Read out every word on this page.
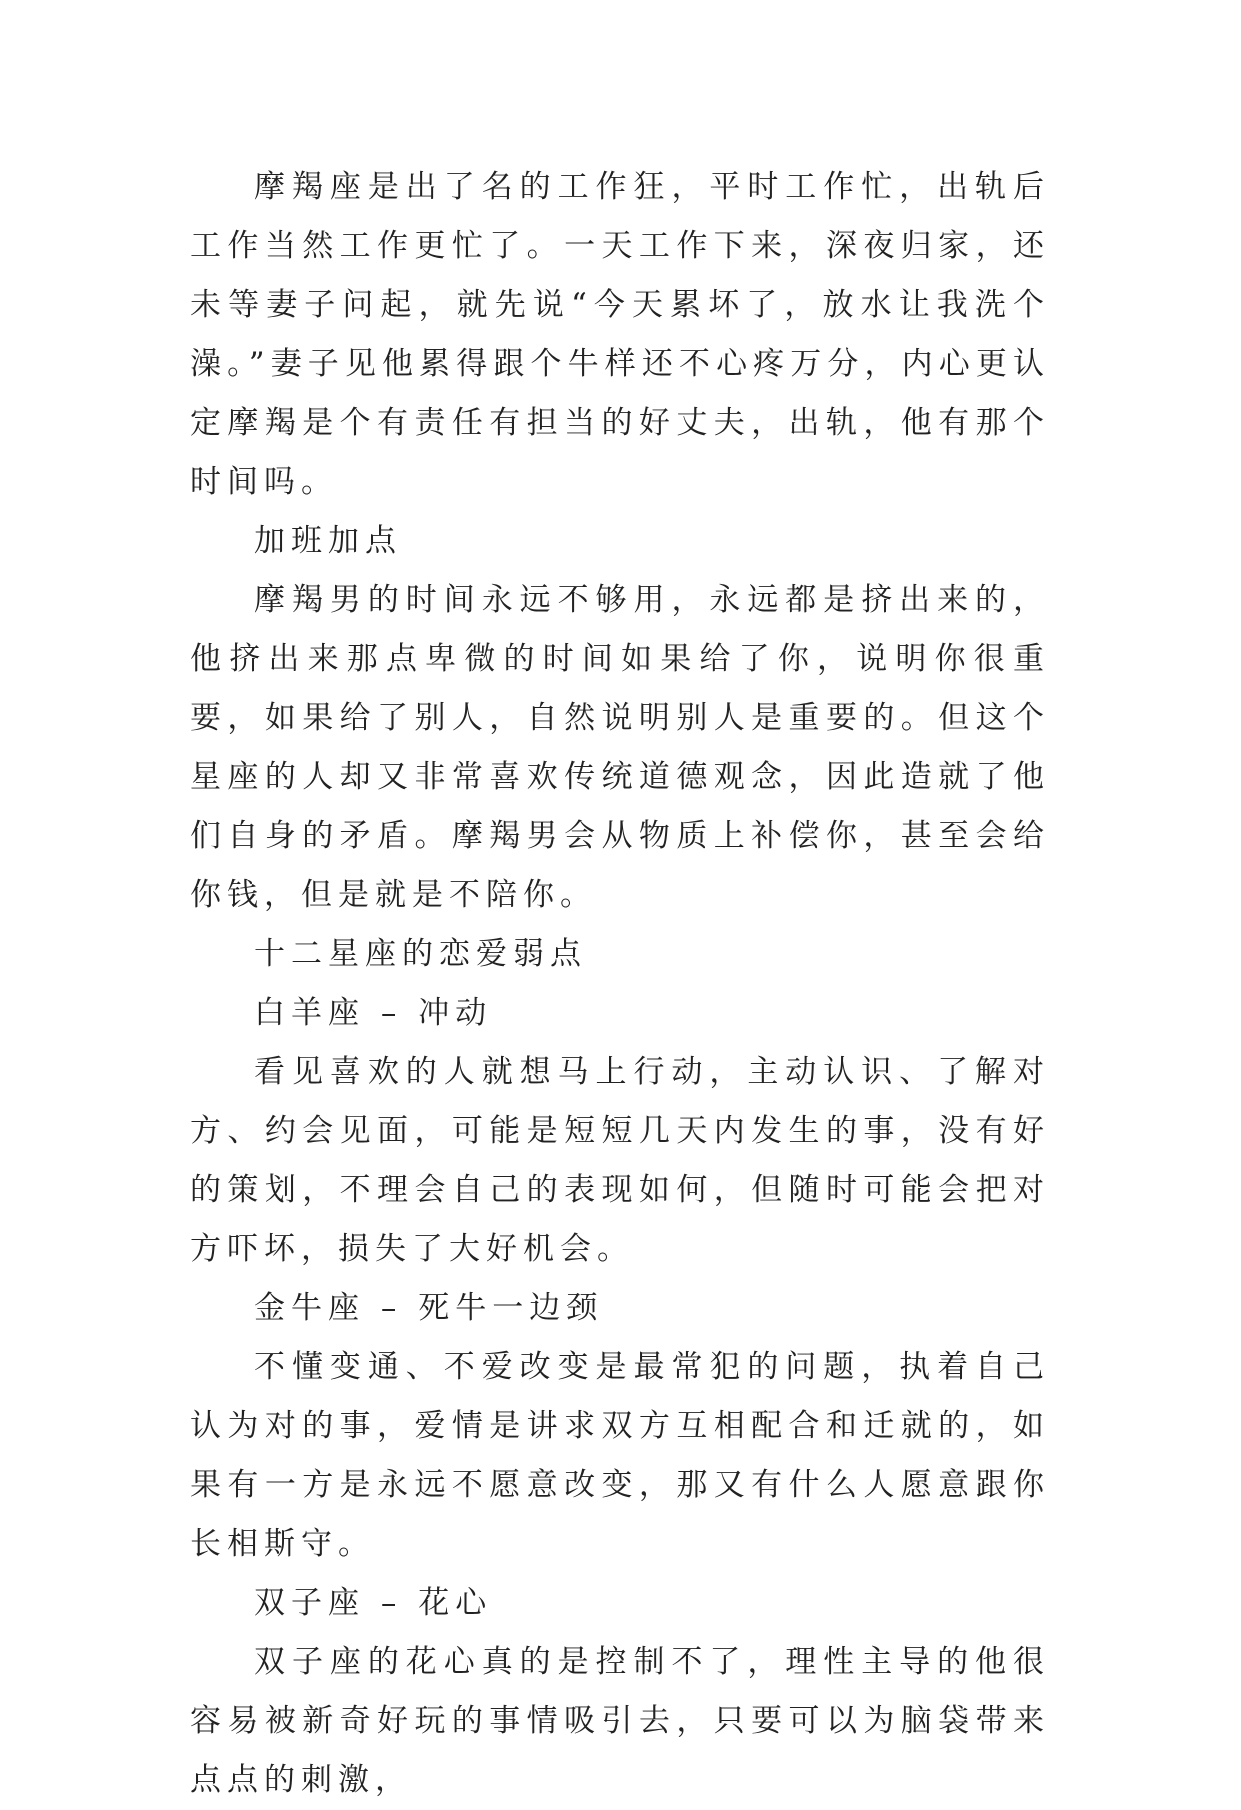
摩羯座是出了名的工作狂，平时工作忙，出轨后工作当然工作更忙了。一天工作下来，深夜归家，还未等妻子问起，就先说“今天累坏了，放水让我洗个澡。”妻子见他累得跟个牛样还不心疼万分，内心更认定摩羯是个有责任有担当的好丈夫，出轨，他有那个时间吗。

加班加点

摩羯男的时间永远不够用，永远都是挤出来的，他挤出来那点卑微的时间如果给了你，说明你很重要，如果给了别人，自然说明别人是重要的。但这个星座的人却又非常喜欢传统道德观念，因此造就了他们自身的矛盾。摩羯男会从物质上补偿你，甚至会给你钱，但是就是不陪你。

十二星座的恋爱弱点

白羊座 – 冲动

看见喜欢的人就想马上行动，主动认识、了解对方、约会见面，可能是短短几天内发生的事，没有好的策划，不理会自己的表现如何，但随时可能会把对方吓坏，损失了大好机会。

金牛座 – 死牛一边颈

不懂变通、不爱改变是最常犯的问题，执着自己认为对的事，爱情是讲求双方互相配合和迁就的，如果有一方是永远不愿意改变，那又有什么人愿意跟你长相斯守。

双子座 – 花心

双子座的花心真的是控制不了，理性主导的他很容易被新奇好玩的事情吸引去，只要可以为脑袋带来点点的刺激，
